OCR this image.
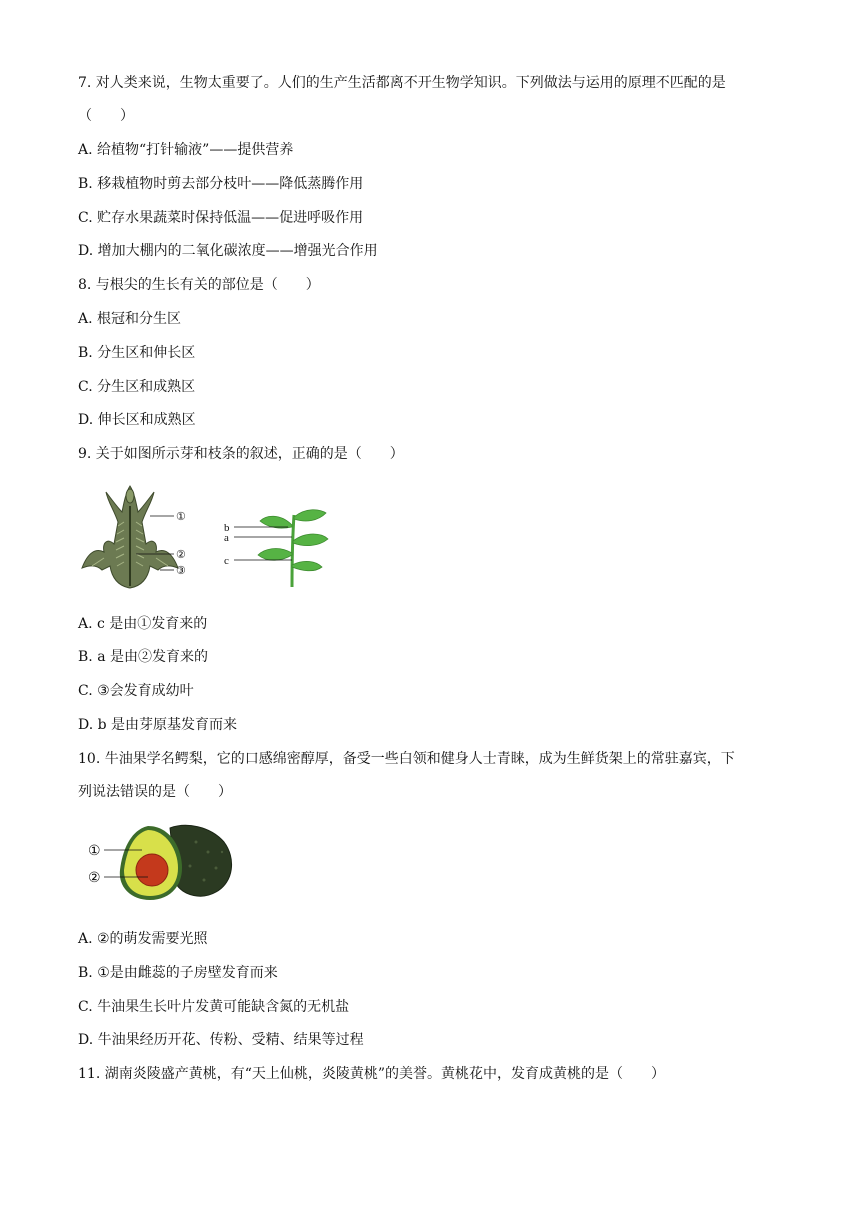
7. 对人类来说，生物太重要了。人们的生产生活都离不开生物学知识。下列做法与运用的原理不匹配的是
（　　）
A. 给植物“打针输液”——提供营养
B. 移栽植物时剪去部分枝叶——降低蒸腾作用
C. 贮存水果蔬菜时保持低温——促进呼吸作用
D. 增加大棚内的二氧化碳浓度——增强光合作用
8. 与根尖的生长有关的部位是（　　）
A. 根冠和分生区
B. 分生区和伸长区
C. 分生区和成熟区
D. 伸长区和成熟区
9. 关于如图所示芽和枝条的叙述，正确的是（　　）
①
②
③
b
a
c
A. c 是由①发育来的
B. a 是由②发育来的
C. ③会发育成幼叶
D. b 是由芽原基发育而来
10. 牛油果学名鳄梨，它的口感绵密醇厚，备受一些白领和健身人士青睐，成为生鲜货架上的常驻嘉宾，下
列说法错误的是（　　）
①
②
A. ②的萌发需要光照
B. ①是由雌蕊的子房壁发育而来
C. 牛油果生长叶片发黄可能缺含氮的无机盐
D. 牛油果经历开花、传粉、受精、结果等过程
11. 湖南炎陵盛产黄桃，有“天上仙桃，炎陵黄桃”的美誉。黄桃花中，发育成黄桃的是（　　）
